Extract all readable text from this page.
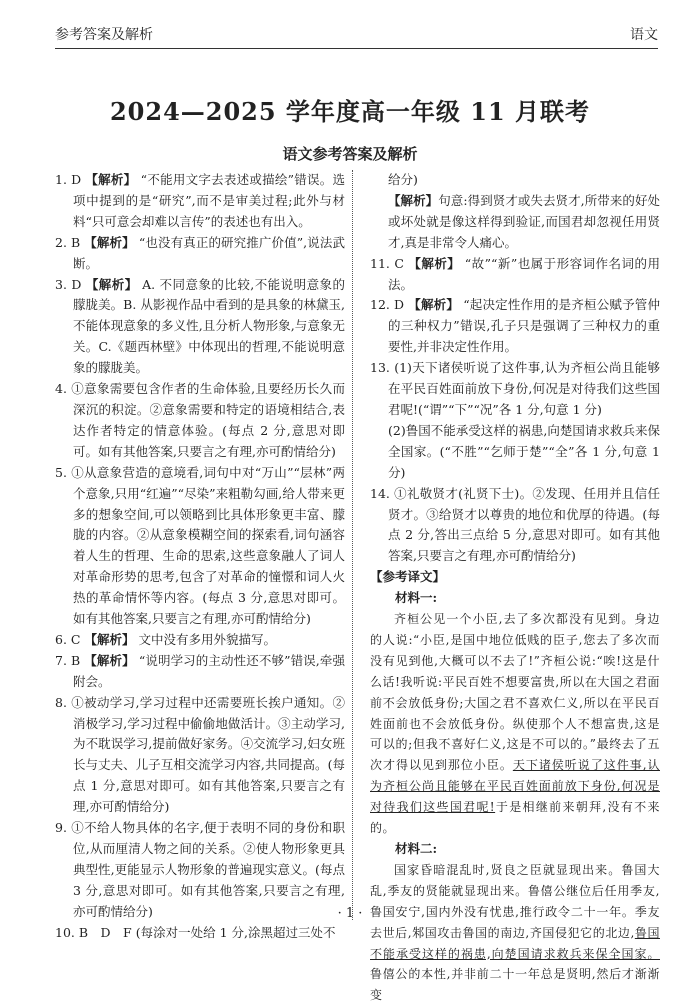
参考答案及解析	语文
2024—2025 学年度高一年级 11 月联考
语文参考答案及解析
1. D 【解析】 “不能用文字去表述或描绘”错误。选项中提到的是“研究”,而不是审美过程;此外与材料“只可意会却难以言传”的表述也有出入。
2. B 【解析】 “也没有真正的研究推广价值”,说法武断。
3. D 【解析】 A. 不同意象的比较,不能说明意象的朦胧美。B. 从影视作品中看到的是具象的林黛玉,不能体现意象的多义性,且分析人物形象,与意象无关。C.《题西林壁》中体现出的哲理,不能说明意象的朦胧美。
4. ①意象需要包含作者的生命体验,且要经历长久而深沉的积淀。②意象需要和特定的语境相结合,表达作者特定的情意体验。(每点 2 分,意思对即可。如有其他答案,只要言之有理,亦可酌情给分)
5. ①从意象营造的意境看,词句中对“万山”“层林”两个意象,只用“红遍”“尽染”来粗勒勾画,给人带来更多的想象空间,可以领略到比具体形象更丰富、朦胧的内容。②从意象模糊空间的探索看,词句涵容着人生的哲理、生命的思索,这些意象融人了词人对革命形势的思考,包含了对革命的憧憬和词人火热的革命情怀等内容。(每点 3 分,意思对即可。如有其他答案,只要言之有理,亦可酌情给分)
6. C 【解析】 文中没有多用外貌描写。
7. B 【解析】 “说明学习的主动性还不够”错误,牵强附会。
8. ①被动学习,学习过程中还需要班长挨户通知。②消极学习,学习过程中偷偷地做活计。③主动学习,为不耽误学习,提前做好家务。④交流学习,妇女班长与丈夫、儿子互相交流学习内容,共同提高。(每点 1 分,意思对即可。如有其他答案,只要言之有理,亦可酌情给分)
9. ①不给人物具体的名字,便于表明不同的身份和职位,从而厘清人物之间的关系。②使人物形象更具典型性,更能显示人物形象的普遍现实意义。(每点 3 分,意思对即可。如有其他答案,只要言之有理,亦可酌情给分)
10. B　D　F (每涂对一处给 1 分,涂黑超过三处不
给分)
【解析】句意:得到贤才或失去贤才,所带来的好处或坏处就是像这样得到验证,而国君却忽视任用贤才,真是非常令人痛心。
11. C 【解析】 “故”“新”也属于形容词作名词的用法。
12. D 【解析】 “起决定性作用的是齐桓公赋予管仲的三种权力”错误,孔子只是强调了三种权力的重要性,并非决定性作用。
13. (1)天下诸侯听说了这件事,认为齐桓公尚且能够在平民百姓面前放下身份,何况是对待我们这些国君呢!(“谓”“下”“况”各 1 分,句意 1 分)
(2)鲁国不能承受这样的祸患,向楚国请求救兵来保全国家。(“不胜”“乞师于楚”“全”各 1 分,句意 1 分)
14. ①礼敬贤才(礼贤下士)。②发现、任用并且信任贤才。③给贤才以尊贵的地位和优厚的待遇。(每点 2 分,答出三点给 5 分,意思对即可。如有其他答案,只要言之有理,亦可酌情给分)
【参考译文】
材料一:
齐桓公见一个小臣,去了多次都没有见到。身边的人说:“小臣,是国中地位低贱的臣子,您去了多次而没有见到他,大概可以不去了!”齐桓公说:“唉!这是什么话!我听说:平民百姓不想要富贵,所以在大国之君面前不会放低身份;大国之君不喜欢仁义,所以在平民百姓面前也不会放低身份。纵使那个人不想富贵,这是可以的;但我不喜好仁义,这是不可以的。”最终去了五次才得以见到那位小臣。天下诸侯听说了这件事,认为齐桓公尚且能够在平民百姓面前放下身份,何况是对待我们这些国君呢!于是相继前来朝拜,没有不来的。
材料二:
国家昏暗混乱时,贤良之臣就显现出来。鲁国大乱,季友的贤能就显现出来。鲁僖公继位后任用季友,鲁国安宁,国内外没有忧患,推行政令二十一年。季友去世后,邾国攻击鲁国的南边,齐国侵犯它的北边,鲁国不能承受这样的祸患,向楚国请求救兵来保全国家。鲁僖公的本性,并非前二十一年总是贤明,然后才渐渐变
· 1 ·
